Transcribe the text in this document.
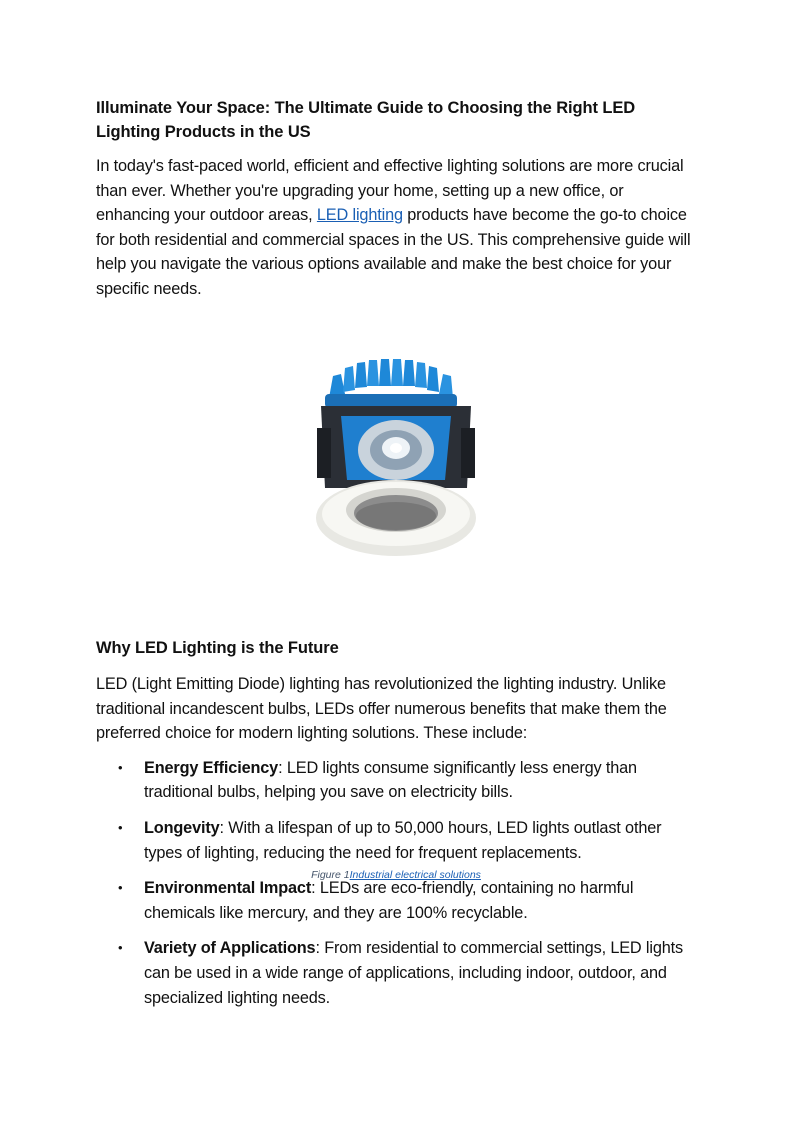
Illuminate Your Space: The Ultimate Guide to Choosing the Right LED Lighting Products in the US

In today's fast-paced world, efficient and effective lighting solutions are more crucial than ever. Whether you're upgrading your home, setting up a new office, or enhancing your outdoor areas, LED lighting products have become the go-to choice for both residential and commercial spaces in the US. This comprehensive guide will help you navigate the various options available and make the best choice for your specific needs.

Figure 1Industrial electrical solutions
Why LED Lighting is the Future

LED (Light Emitting Diode) lighting has revolutionized the lighting industry. Unlike traditional incandescent bulbs, LEDs offer numerous benefits that make them the preferred choice for modern lighting solutions. These include:

• Energy Efficiency: LED lights consume significantly less energy than traditional bulbs, helping you save on electricity bills.
• Longevity: With a lifespan of up to 50,000 hours, LED lights outlast other types of lighting, reducing the need for frequent replacements.
• Environmental Impact: LEDs are eco-friendly, containing no harmful chemicals like mercury, and they are 100% recyclable.
• Variety of Applications: From residential to commercial settings, LED lights can be used in a wide range of applications, including indoor, outdoor, and specialized lighting needs.
